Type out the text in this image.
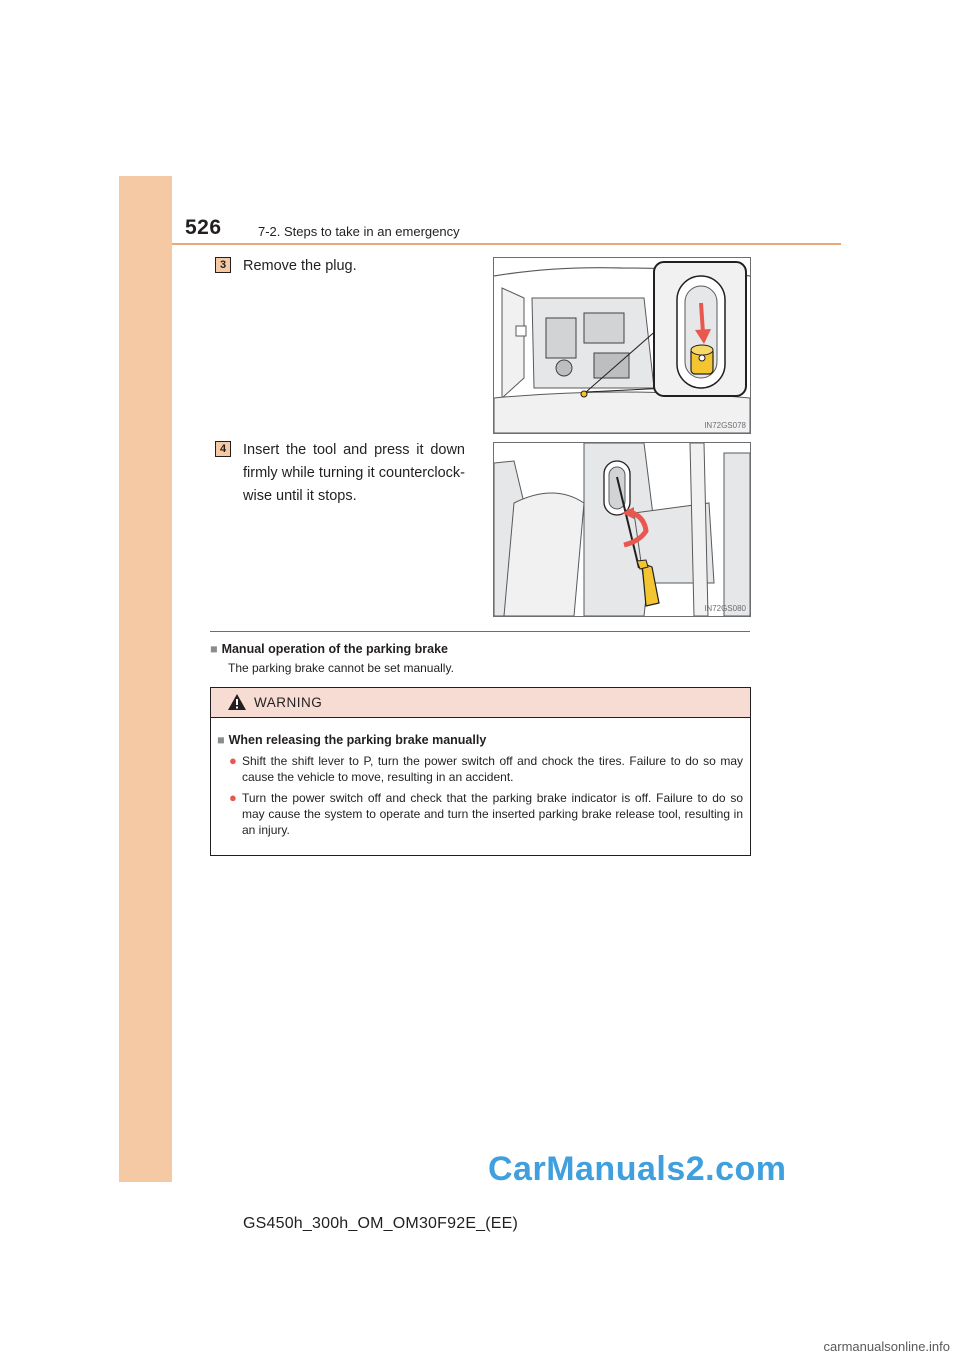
526	7-2. Steps to take in an emergency
3	Remove the plug.
IN72GS078
4	Insert the tool and press it down firmly while turning it counterclock-wise until it stops.
IN72GS080
■ Manual operation of the parking brake
The parking brake cannot be set manually.
WARNING
■ When releasing the parking brake manually
● Shift the shift lever to P, turn the power switch off and chock the tires. Failure to do so may cause the vehicle to move, resulting in an accident.
● Turn the power switch off and check that the parking brake indicator is off. Failure to do so may cause the system to operate and turn the inserted parking brake release tool, resulting in an injury.
CarManuals2.com
GS450h_300h_OM_OM30F92E_(EE)
carmanualsonline.info
